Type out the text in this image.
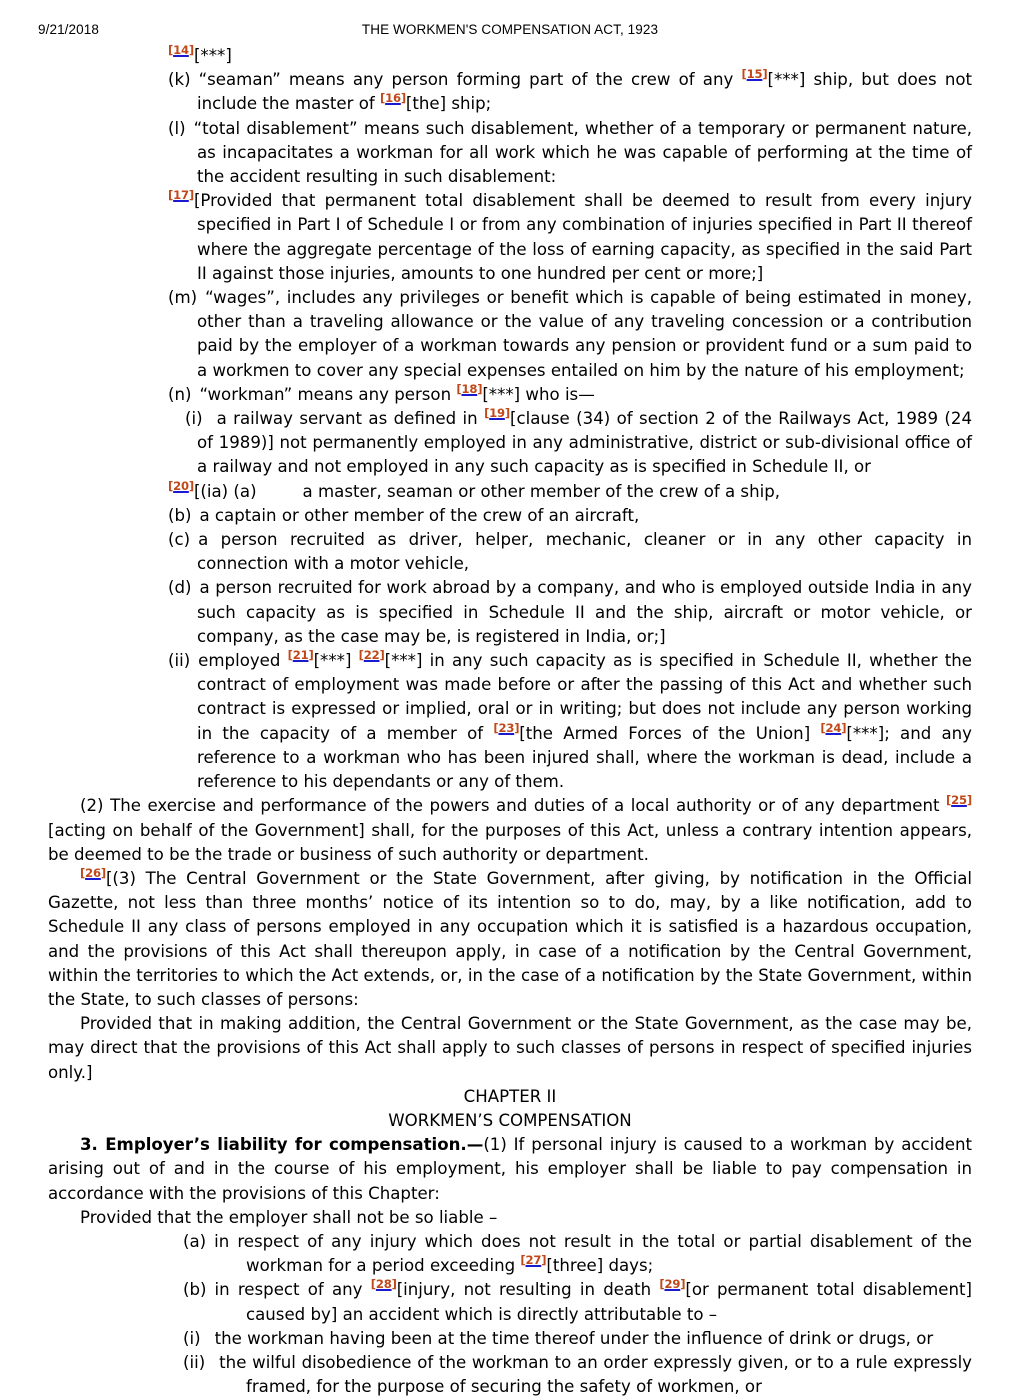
9/21/2018	THE WORKMEN'S COMPENSATION ACT, 1923

[14][***]

(k) “seaman” means any person forming part of the crew of any [15][***] ship, but does not include the master of [16][the] ship;

(l) “total disablement” means such disablement, whether of a temporary or permanent nature, as incapacitates a workman for all work which he was capable of performing at the time of the accident resulting in such disablement:

[17][Provided that permanent total disablement shall be deemed to result from every injury specified in Part I of Schedule I or from any combination of injuries specified in Part II thereof where the aggregate percentage of the loss of earning capacity, as specified in the said Part II against those injuries, amounts to one hundred per cent or more;]

(m) “wages”, includes any privileges or benefit which is capable of being estimated in money, other than a traveling allowance or the value of any traveling concession or a contribution paid by the employer of a workman towards any pension or provident fund or a sum paid to a workmen to cover any special expenses entailed on him by the nature of his employment;

(n) “workman” means any person [18][***] who is—

(i) a railway servant as defined in [19][clause (34) of section 2 of the Railways Act, 1989 (24 of 1989)] not permanently employed in any administrative, district or sub-divisional office of a railway and not employed in any such capacity as is specified in Schedule II, or

[20][(ia) (a)	a master, seaman or other member of the crew of a ship,

(b) a captain or other member of the crew of an aircraft,

(c) a person recruited as driver, helper, mechanic, cleaner or in any other capacity in connection with a motor vehicle,

(d) a person recruited for work abroad by a company, and who is employed outside India in any such capacity as is specified in Schedule II and the ship, aircraft or motor vehicle, or company, as the case may be, is registered in India, or;]

(ii) employed [21][***] [22][***] in any such capacity as is specified in Schedule II, whether the contract of employment was made before or after the passing of this Act and whether such contract is expressed or implied, oral or in writing; but does not include any person working in the capacity of a member of [23][the Armed Forces of the Union] [24][***]; and any reference to a workman who has been injured shall, where the workman is dead, include a reference to his dependants or any of them.

(2) The exercise and performance of the powers and duties of a local authority or of any department [25][acting on behalf of the Government] shall, for the purposes of this Act, unless a contrary intention appears, be deemed to be the trade or business of such authority or department.

[26][(3) The Central Government or the State Government, after giving, by notification in the Official Gazette, not less than three months’ notice of its intention so to do, may, by a like notification, add to Schedule II any class of persons employed in any occupation which it is satisfied is a hazardous occupation, and the provisions of this Act shall thereupon apply, in case of a notification by the Central Government, within the territories to which the Act extends, or, in the case of a notification by the State Government, within the State, to such classes of persons:

Provided that in making addition, the Central Government or the State Government, as the case may be, may direct that the provisions of this Act shall apply to such classes of persons in respect of specified injuries only.]

CHAPTER II

WORKMEN’S COMPENSATION

3. Employer’s liability for compensation.—(1) If personal injury is caused to a workman by accident arising out of and in the course of his employment, his employer shall be liable to pay compensation in accordance with the provisions of this Chapter:

Provided that the employer shall not be so liable –

(a) in respect of any injury which does not result in the total or partial disablement of the workman for a period exceeding [27][three] days;

(b) in respect of any [28][injury, not resulting in death [29][or permanent total disablement] caused by] an accident which is directly attributable to –

(i) the workman having been at the time thereof under the influence of drink or drugs, or

(ii) the wilful disobedience of the workman to an order expressly given, or to a rule expressly framed, for the purpose of securing the safety of workmen, or
